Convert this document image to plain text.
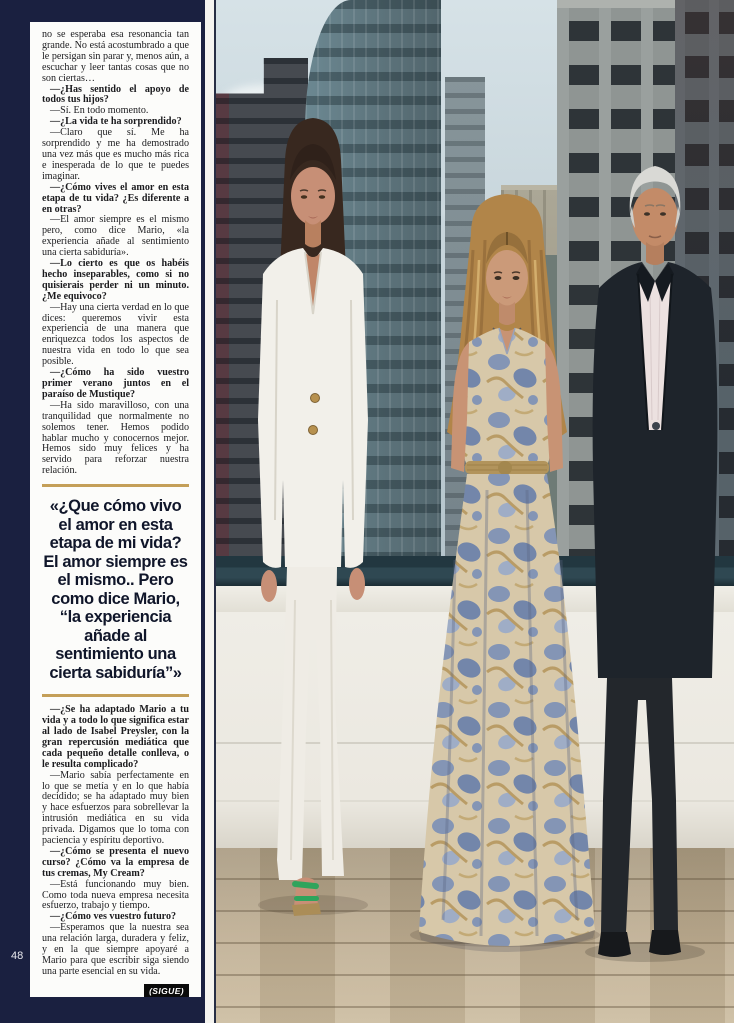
48

no se esperaba esa resonancia tan grande. No está acostumbrado a que le persigan sin parar y, menos aún, a escuchar y leer tantas cosas que no son ciertas…

—¿Has sentido el apoyo de todos tus hijos?

—Sí. En todo momento.

—¿La vida te ha sorprendido?

—Claro que sí. Me ha sorprendido y me ha demostrado una vez más que es mucho más rica e inesperada de lo que te puedes imaginar.

—¿Cómo vives el amor en esta etapa de tu vida? ¿Es diferente a en otras?

—El amor siempre es el mismo pero, como dice Mario, «la experiencia añade al sentimiento una cierta sabiduría».

—Lo cierto es que os habéis hecho inseparables, como si no quisierais perder ni un minuto. ¿Me equivoco?

—Hay una cierta verdad en lo que dices: queremos vivir esta experiencia de una manera que enriquezca todos los aspectos de nuestra vida en todo lo que sea posible.

—¿Cómo ha sido vuestro primer verano juntos en el paraíso de Mustique?

—Ha sido maravilloso, con una tranquilidad que normalmente no solemos tener. Hemos podido hablar mucho y conocernos mejor. Hemos sido muy felices y ha servido para reforzar nuestra relación.

«¿Que cómo vivo el amor en esta etapa de mi vida? El amor siempre es el mismo.. Pero como dice Mario, “la experiencia añade al sentimiento una cierta sabiduría”»

—¿Se ha adaptado Mario a tu vida y a todo lo que significa estar al lado de Isabel Preysler, con la gran repercusión mediática que cada pequeño detalle conlleva, o le resulta complicado?

—Mario sabía perfectamente en lo que se metía y en lo que había decidido; se ha adaptado muy bien y hace esfuerzos para sobrellevar la intrusión mediática en su vida privada. Digamos que lo toma con paciencia y espíritu deportivo.

—¿Cómo se presenta el nuevo curso? ¿Cómo va la empresa de tus cremas, My Cream?

—Está funcionando muy bien. Como toda nueva empresa necesita esfuerzo, trabajo y tiempo.

—¿Cómo ves vuestro futuro?

—Esperamos que la nuestra sea una relación larga, duradera y feliz, y en la que siempre apoyaré a Mario para que escribir siga siendo una parte esencial en su vida.

(SIGUE)
